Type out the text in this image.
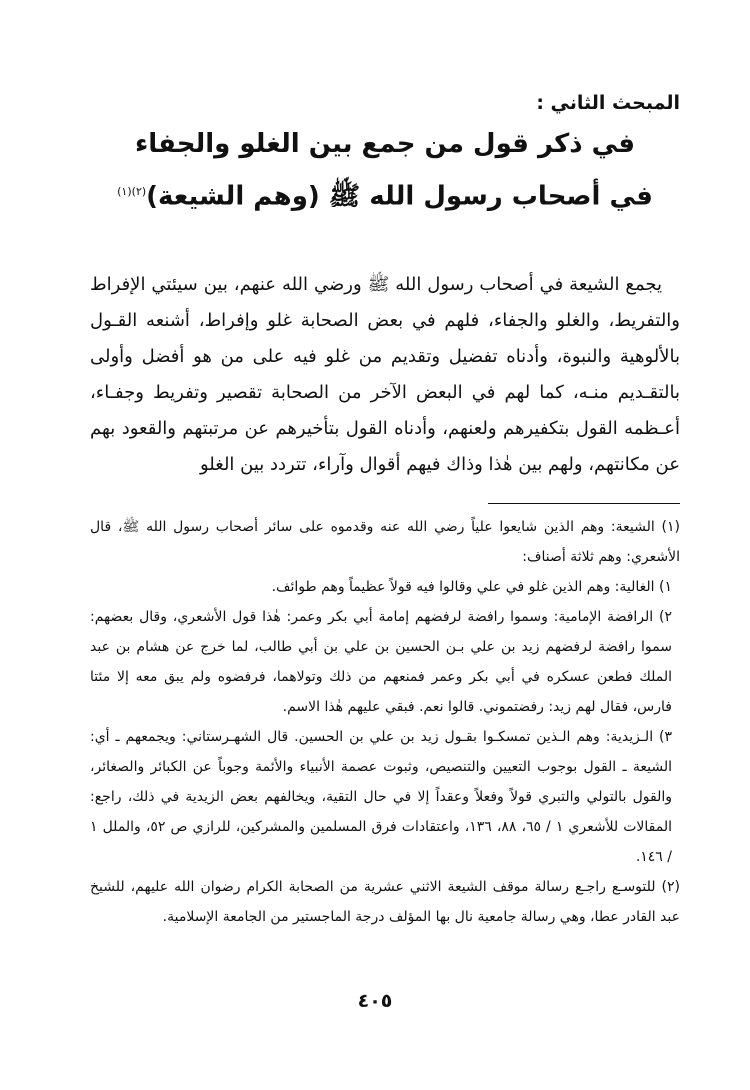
المبحث الثاني :

في ذكر قول من جمع بين الغلو والجفاء

في أصحاب رسول الله ﷺ (وهم الشيعة)$^{(٢)(١)}$

يجمع الشيعة في أصحاب رسول الله ﷺ ورضي الله عنهم، بين سيئتي الإفراط والتفريط، والغلو والجفاء، فلهم في بعض الصحابة غلو وإفراط، أشنعه القـول بالألوهية والنبوة، وأدناه تفضيل وتقديم من غلو فيه على من هو أفضل وأولى بالتقـديم منـه، كما لهم في البعض الآخر من الصحابة تقصير وتفريط وجفـاء، أعـظمه القول بتكفيرهم ولعنهم، وأدناه القول بتأخيرهم عن مرتبتهم والقعود بهم عن مكانتهم، ولهم بين هٰذا وذاك فيهم أقوال وآراء، تتردد بين الغلو

(١) الشيعة: وهم الذين شايعوا علياً رضي الله عنه وقدموه على سائر أصحاب رسول الله ﷺ، قال الأشعري: وهم ثلاثة أصناف:

١) الغالية: وهم الذين غلو في علي وقالوا فيه قولاً عظيماً وهم طوائف.

٢) الرافضة الإمامية: وسموا رافضة لرفضهم إمامة أبي بكر وعمر: هٰذا قول الأشعري، وقال بعضهم: سموا رافضة لرفضهم زيد بن علي بـن الحسين بن علي بن أبي طالب، لما خرج عن هشام بن عبد الملك فطعن عسكره في أبي بكر وعمر فمنعهم من ذلك وتولاهما، فرفضوه ولم يبق معه إلا مئتا فارس، فقال لهم زيد: رفضتموني. قالوا نعم. فبقي عليهم هٰذا الاسم.

٣) الـزيدية: وهم الـذين تمسكـوا بقـول زيد بن علي بن الحسين. قال الشهـرستاني: ويجمعهم ـ أي: الشيعة ـ القول بوجوب التعيين والتنصيص، وثبوت عصمة الأنبياء والأئمة وجوباً عن الكبائر والصغائر، والقول بالتولي والتبري قولاً وفعلاً وعقداً إلا في حال التقية، ويخالفهم بعض الزيدية في ذلك، راجع: المقالات للأشعري ١ / ٦٥، ٨٨، ١٣٦، واعتقادات فرق المسلمين والمشركين، للرازي ص ٥٢، والملل ١ / ١٤٦.

(٢) للتوسـع راجـع رسالة موقف الشيعة الاثني عشرية من الصحابة الكرام رضوان الله عليهم، للشيخ عبد القادر عطا، وهي رسالة جامعية نال بها المؤلف درجة الماجستير من الجامعة الإسلامية.

٤٠٥
